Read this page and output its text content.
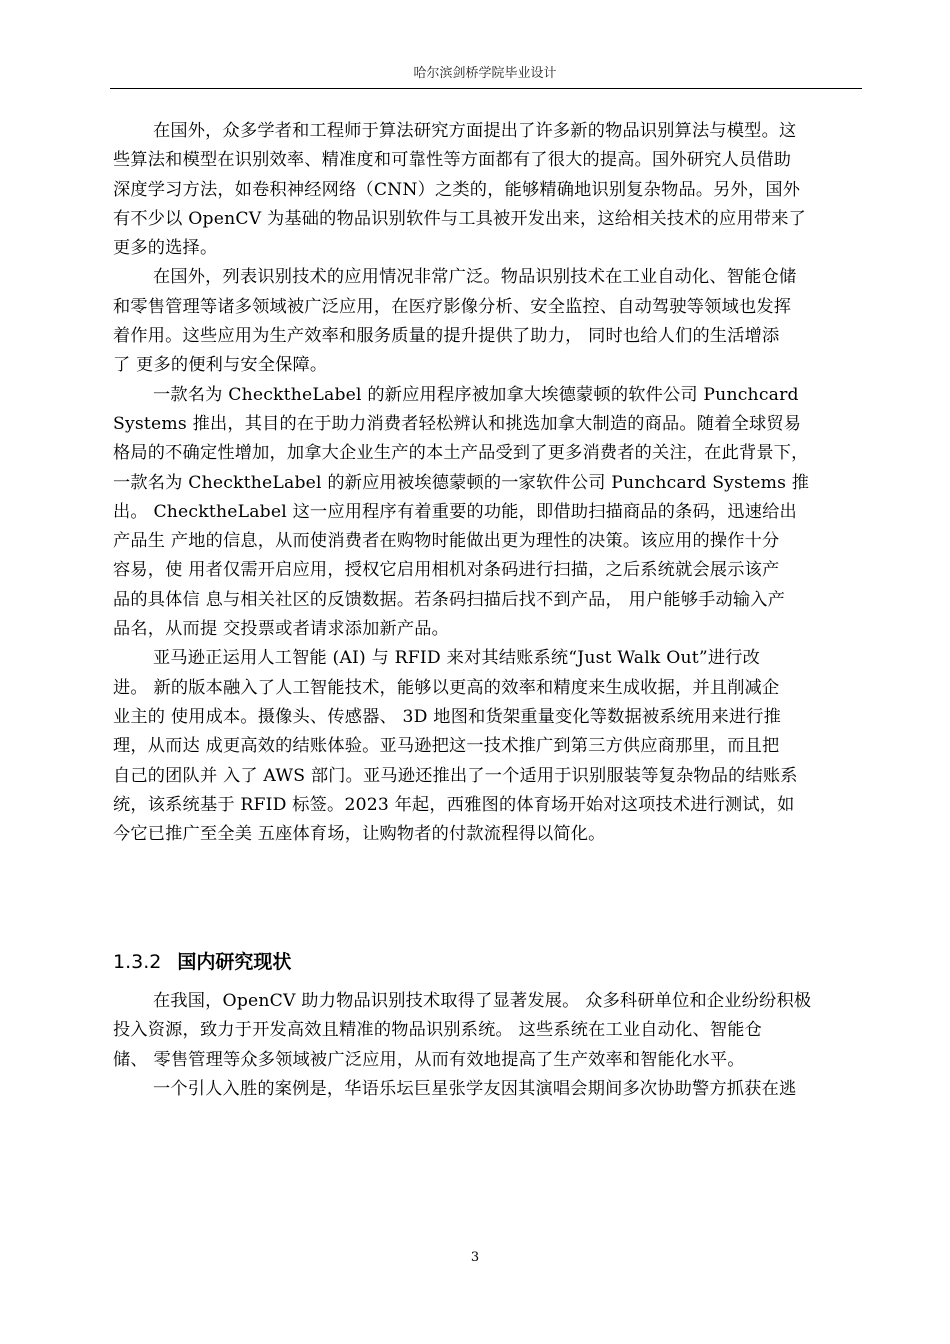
哈尔滨剑桥学院毕业设计
在国外，众多学者和工程师于算法研究方面提出了许多新的物品识别算法与模型。这
些算法和模型在识别效率、精准度和可靠性等方面都有了很大的提高。国外研究人员借助
深度学习方法，如卷积神经网络（CNN）之类的，能够精确地识别复杂物品。另外，国外
有不少以 OpenCV 为基础的物品识别软件与工具被开发出来，这给相关技术的应用带来了
更多的选择。
在国外，列表识别技术的应用情况非常广泛。物品识别技术在工业自动化、智能仓储
和零售管理等诸多领域被广泛应用，在医疗影像分析、安全监控、自动驾驶等领域也发挥
着作用。这些应用为生产效率和服务质量的提升提供了助力， 同时也给人们的生活增添
了 更多的便利与安全保障。
一款名为 ChecktheLabel 的新应用程序被加拿大埃德蒙顿的软件公司 Punchcard
Systems 推出，其目的在于助力消费者轻松辨认和挑选加拿大制造的商品。随着全球贸易
格局的不确定性增加，加拿大企业生产的本土产品受到了更多消费者的关注，在此背景下，
一款名为 ChecktheLabel 的新应用被埃德蒙顿的一家软件公司 Punchcard Systems 推
出。 ChecktheLabel 这一应用程序有着重要的功能，即借助扫描商品的条码，迅速给出
产品生 产地的信息，从而使消费者在购物时能做出更为理性的决策。该应用的操作十分
容易，使 用者仅需开启应用，授权它启用相机对条码进行扫描，之后系统就会展示该产
品的具体信 息与相关社区的反馈数据。若条码扫描后找不到产品， 用户能够手动输入产
品名，从而提 交投票或者请求添加新产品。
亚马逊正运用人工智能 (AI) 与 RFID 来对其结账系统“Just Walk Out”进行改
进。 新的版本融入了人工智能技术，能够以更高的效率和精度来生成收据，并且削减企
业主的 使用成本。摄像头、传感器、 3D 地图和货架重量变化等数据被系统用来进行推
理，从而达 成更高效的结账体验。亚马逊把这一技术推广到第三方供应商那里，而且把
自己的团队并 入了 AWS 部门。亚马逊还推出了一个适用于识别服装等复杂物品的结账系
统，该系统基于 RFID 标签。2023 年起，西雅图的体育场开始对这项技术进行测试，如
今它已推广至全美 五座体育场，让购物者的付款流程得以简化。
1.3.2 国内研究现状
在我国，OpenCV 助力物品识别技术取得了显著发展。 众多科研单位和企业纷纷积极
投入资源，致力于开发高效且精准的物品识别系统。 这些系统在工业自动化、智能仓
储、 零售管理等众多领域被广泛应用，从而有效地提高了生产效率和智能化水平。
一个引人入胜的案例是，华语乐坛巨星张学友因其演唱会期间多次协助警方抓获在逃
3
